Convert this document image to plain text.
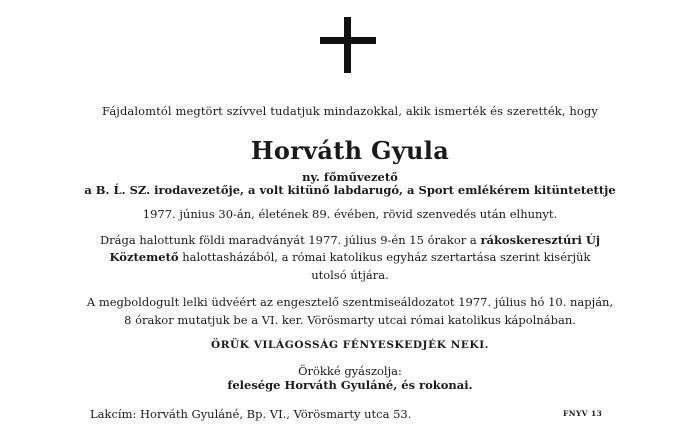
Fájdalomtól megtört szívvel tudatjuk mindazokkal, akik ismerték és szerették, hogy
Horváth Gyula
ny. főművezető
a B. Ĺ. SZ. irodavezetője, a volt kitünő labdarugó, a Sport emlékérem kitüntetettje
1977. június 30-án, életének 89. évében, rövid szenvedés után elhunyt.
Drága halottunk földi maradványát 1977. július 9-én 15 órakor a rákoskeresztúri Új
Köztemető halottasházából, a római katolikus egyház szertartása szerint kisérjük
utolsó útjára.
A megboldogult lelki üdvéért az engesztelő szentmiseáldozatot 1977. július hó 10. napján,
8 órakor mutatjuk be a VI. ker. Vörösmarty utcai római katolikus kápolnában.
ÖRÜK VILÁGOSSÁG FÉNYESKEDJÉK NEKI.
Örökké gyászolja:
felesége Horváth Gyuláné, és rokonai.
Lakcím: Horváth Gyuláné, Bp. VI., Vörösmarty utca 53.	FNYV 13
